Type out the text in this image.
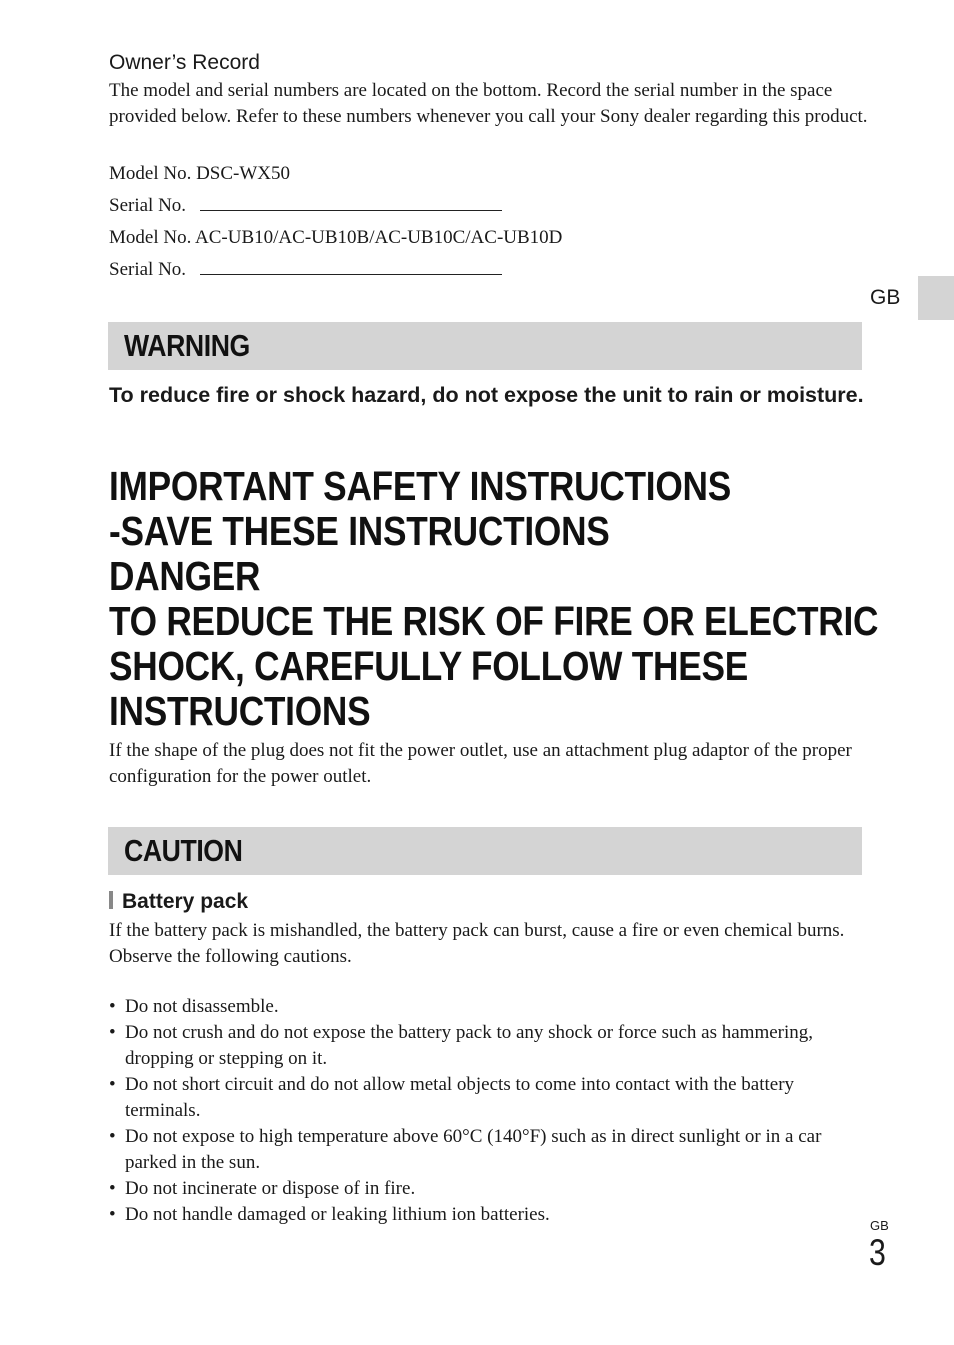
Owner’s Record
The model and serial numbers are located on the bottom. Record the serial number in the space provided below. Refer to these numbers whenever you call your Sony dealer regarding this product.
Model No. DSC-WX50
Serial No.
Model No. AC-UB10/AC-UB10B/AC-UB10C/AC-UB10D
Serial No.
GB
WARNING
To reduce fire or shock hazard, do not expose the unit to rain or moisture.
IMPORTANT SAFETY INSTRUCTIONS
-SAVE THESE INSTRUCTIONS
DANGER
TO REDUCE THE RISK OF FIRE OR ELECTRIC
SHOCK, CAREFULLY FOLLOW THESE
INSTRUCTIONS
If the shape of the plug does not fit the power outlet, use an attachment plug adaptor of the proper configuration for the power outlet.
CAUTION
Battery pack
If the battery pack is mishandled, the battery pack can burst, cause a fire or even chemical burns. Observe the following cautions.
• Do not disassemble.
• Do not crush and do not expose the battery pack to any shock or force such as hammering, dropping or stepping on it.
• Do not short circuit and do not allow metal objects to come into contact with the battery terminals.
• Do not expose to high temperature above 60°C (140°F) such as in direct sunlight or in a car parked in the sun.
• Do not incinerate or dispose of in fire.
• Do not handle damaged or leaking lithium ion batteries.
GB
3
